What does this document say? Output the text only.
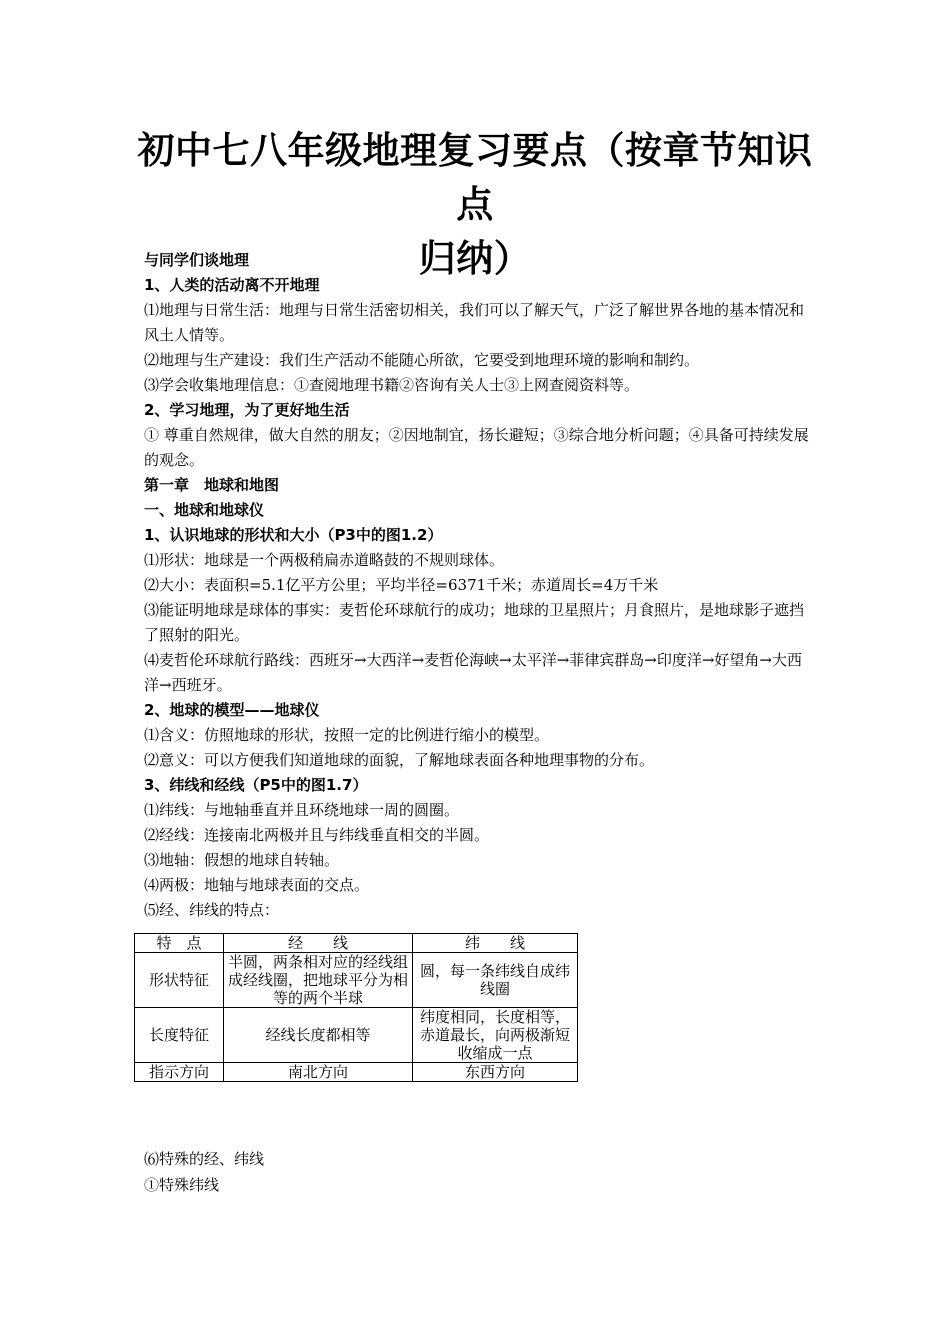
初中七八年级地理复习要点（按章节知识点
归纳）

与同学们谈地理

1、人类的活动离不开地理

⑴地理与日常生活：地理与日常生活密切相关，我们可以了解天气，广泛了解世界各地的基本情况和风土人情等。

⑵地理与生产建设：我们生产活动不能随心所欲，它要受到地理环境的影响和制约。

⑶学会收集地理信息：①查阅地理书籍②咨询有关人士③上网查阅资料等。

2、学习地理，为了更好地生活

① 尊重自然规律，做大自然的朋友；②因地制宜，扬长避短；③综合地分析问题；④具备可持续发展的观念。

第一章　地球和地图

一、地球和地球仪

1、认识地球的形状和大小（P3中的图1.2）

⑴形状：地球是一个两极稍扁赤道略鼓的不规则球体。

⑵大小：表面积=5.1亿平方公里；平均半径=6371千米；赤道周长=4万千米

⑶能证明地球是球体的事实：麦哲伦环球航行的成功；地球的卫星照片；月食照片，是地球影子遮挡了照射的阳光。

⑷麦哲伦环球航行路线：西班牙→大西洋→麦哲伦海峡→太平洋→菲律宾群岛→印度洋→好望角→大西洋→西班牙。

2、地球的模型——地球仪

⑴含义：仿照地球的形状，按照一定的比例进行缩小的模型。

⑵意义：可以方便我们知道地球的面貌，了解地球表面各种地理事物的分布。

3、纬线和经线（P5中的图1.7）

⑴纬线：与地轴垂直并且环绕地球一周的圆圈。

⑵经线：连接南北两极并且与纬线垂直相交的半圆。

⑶地轴：假想的地球自转轴。

⑷两极：地轴与地球表面的交点。

⑸经、纬线的特点：

特　点	经　　线	纬　　线
形状特征	半圆，两条相对应的经线组成经线圈，把地球平分为相等的两个半球	圆，每一条纬线自成纬线圈
长度特征	经线长度都相等	纬度相同，长度相等，赤道最长，向两极渐短收缩成一点
指示方向	南北方向	东西方向

⑹特殊的经、纬线

①特殊纬线
